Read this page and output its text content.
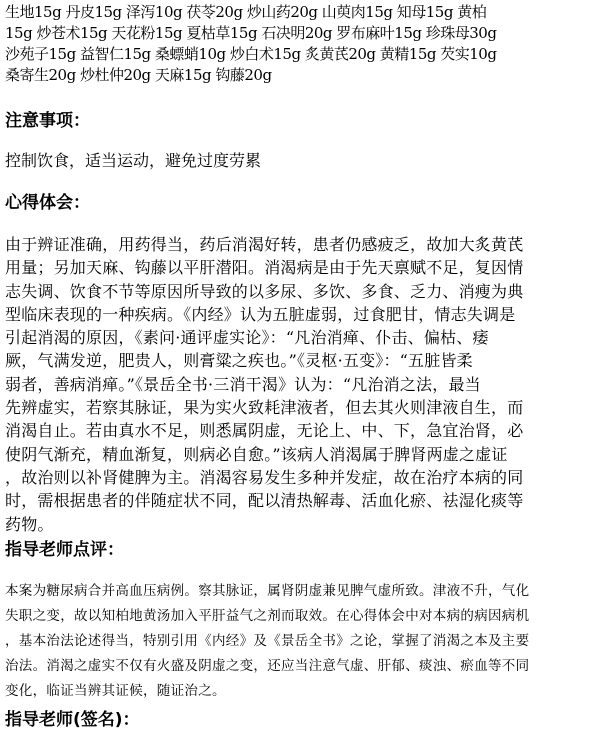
生地15g 丹皮15g 泽泻10g 茯苓20g 炒山药20g 山萸肉15g 知母15g 黄柏
15g 炒苍术15g 天花粉15g 夏枯草15g 石决明20g 罗布麻叶15g 珍珠母30g
沙苑子15g 益智仁15g 桑螵蛸10g 炒白术15g 炙黄芪20g 黄精15g 芡实10g
桑寄生20g 炒杜仲20g 天麻15g 钩藤20g
注意事项：
控制饮食，适当运动，避免过度劳累
心得体会：
由于辨证准确，用药得当，药后消渴好转，患者仍感疲乏，故加大炙黄芪
用量；另加天麻、钩藤以平肝潜阳。消渴病是由于先天禀赋不足，复因情
志失调、饮食不节等原因所导致的以多尿、多饮、多食、乏力、消瘦为典
型临床表现的一种疾病。《内经》认为五脏虚弱，过食肥甘，情志失调是
引起消渴的原因，《素问·通评虚实论》：“凡治消瘅、仆击、偏枯、痿
厥，气满发逆，肥贵人，则膏粱之疾也。”《灵枢·五变》：“五脏皆柔
弱者，善病消瘅。”《景岳全书·三消干渴》认为：“凡治消之法，最当
先辨虚实，若察其脉证，果为实火致耗津液者，但去其火则津液自生，而
消渴自止。若由真水不足，则悉属阴虚，无论上、中、下，急宜治肾，必
使阴气渐充，精血渐复，则病必自愈。”该病人消渴属于脾肾两虚之虚证
，故治则以补肾健脾为主。消渴容易发生多种并发症，故在治疗本病的同
时，需根据患者的伴随症状不同，配以清热解毒、活血化瘀、祛湿化痰等
药物。
指导老师点评：
本案为糖尿病合并高血压病例。察其脉证，属肾阴虚兼见脾气虚所致。津液不升，气化
失职之变，故以知柏地黄汤加入平肝益气之剂而取效。在心得体会中对本病的病因病机
，基本治法论述得当，特别引用《内经》及《景岳全书》之论，掌握了消渴之本及主要
治法。消渴之虚实不仅有火盛及阴虚之变，还应当注意气虚、肝郁、痰浊、瘀血等不同
变化，临证当辨其证候，随证治之。
指导老师(签名)：
